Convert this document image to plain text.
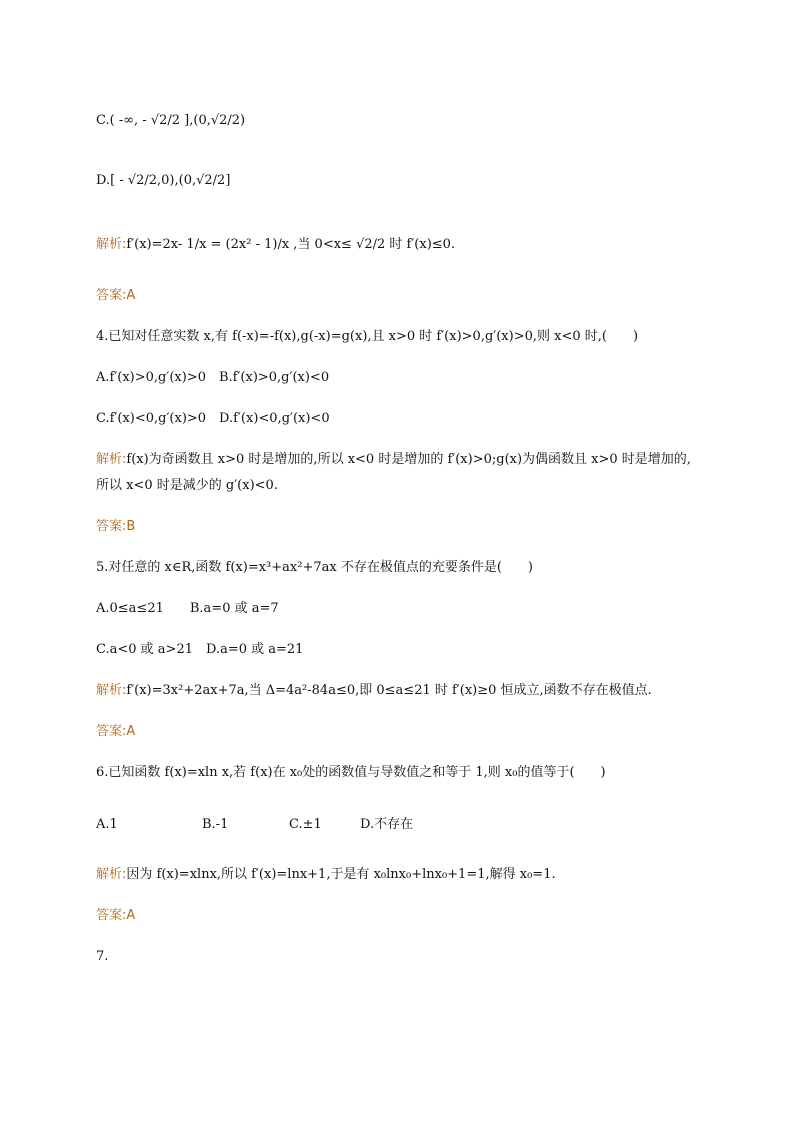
C.( -∞, - √2/2 ],(0,√2/2)
D.[ - √2/2,0),(0,√2/2]
解析:f′(x)=2x- 1/x = (2x² - 1)/x ,当 0<x≤ √2/2 时 f′(x)≤0.
答案:A
4.已知对任意实数 x,有 f(-x)=-f(x),g(-x)=g(x),且 x>0 时 f′(x)>0,g′(x)>0,则 x<0 时,(　　)
A.f′(x)>0,g′(x)>0　B.f′(x)>0,g′(x)<0
C.f′(x)<0,g′(x)>0　D.f′(x)<0,g′(x)<0
解析:f(x)为奇函数且 x>0 时是增加的,所以 x<0 时是增加的 f′(x)>0;g(x)为偶函数且 x>0 时是增加的,
所以 x<0 时是减少的 g′(x)<0.
答案:B
5.对任意的 x∈R,函数 f(x)=x³+ax²+7ax 不存在极值点的充要条件是(　　)
A.0≤a≤21　　B.a=0 或 a=7
C.a<0 或 a>21　D.a=0 或 a=21
解析:f′(x)=3x²+2ax+7a,当 Δ=4a²-84a≤0,即 0≤a≤21 时 f′(x)≥0 恒成立,函数不存在极值点.
答案:A
6.已知函数 f(x)=xln x,若 f(x)在 x₀处的函数值与导数值之和等于 1,则 x₀的值等于(　　)
A.1	B.-1	C.±1	D.不存在
解析:因为 f(x)=xlnx,所以 f′(x)=lnx+1,于是有 x₀lnx₀+lnx₀+1=1,解得 x₀=1.
答案:A
7.
